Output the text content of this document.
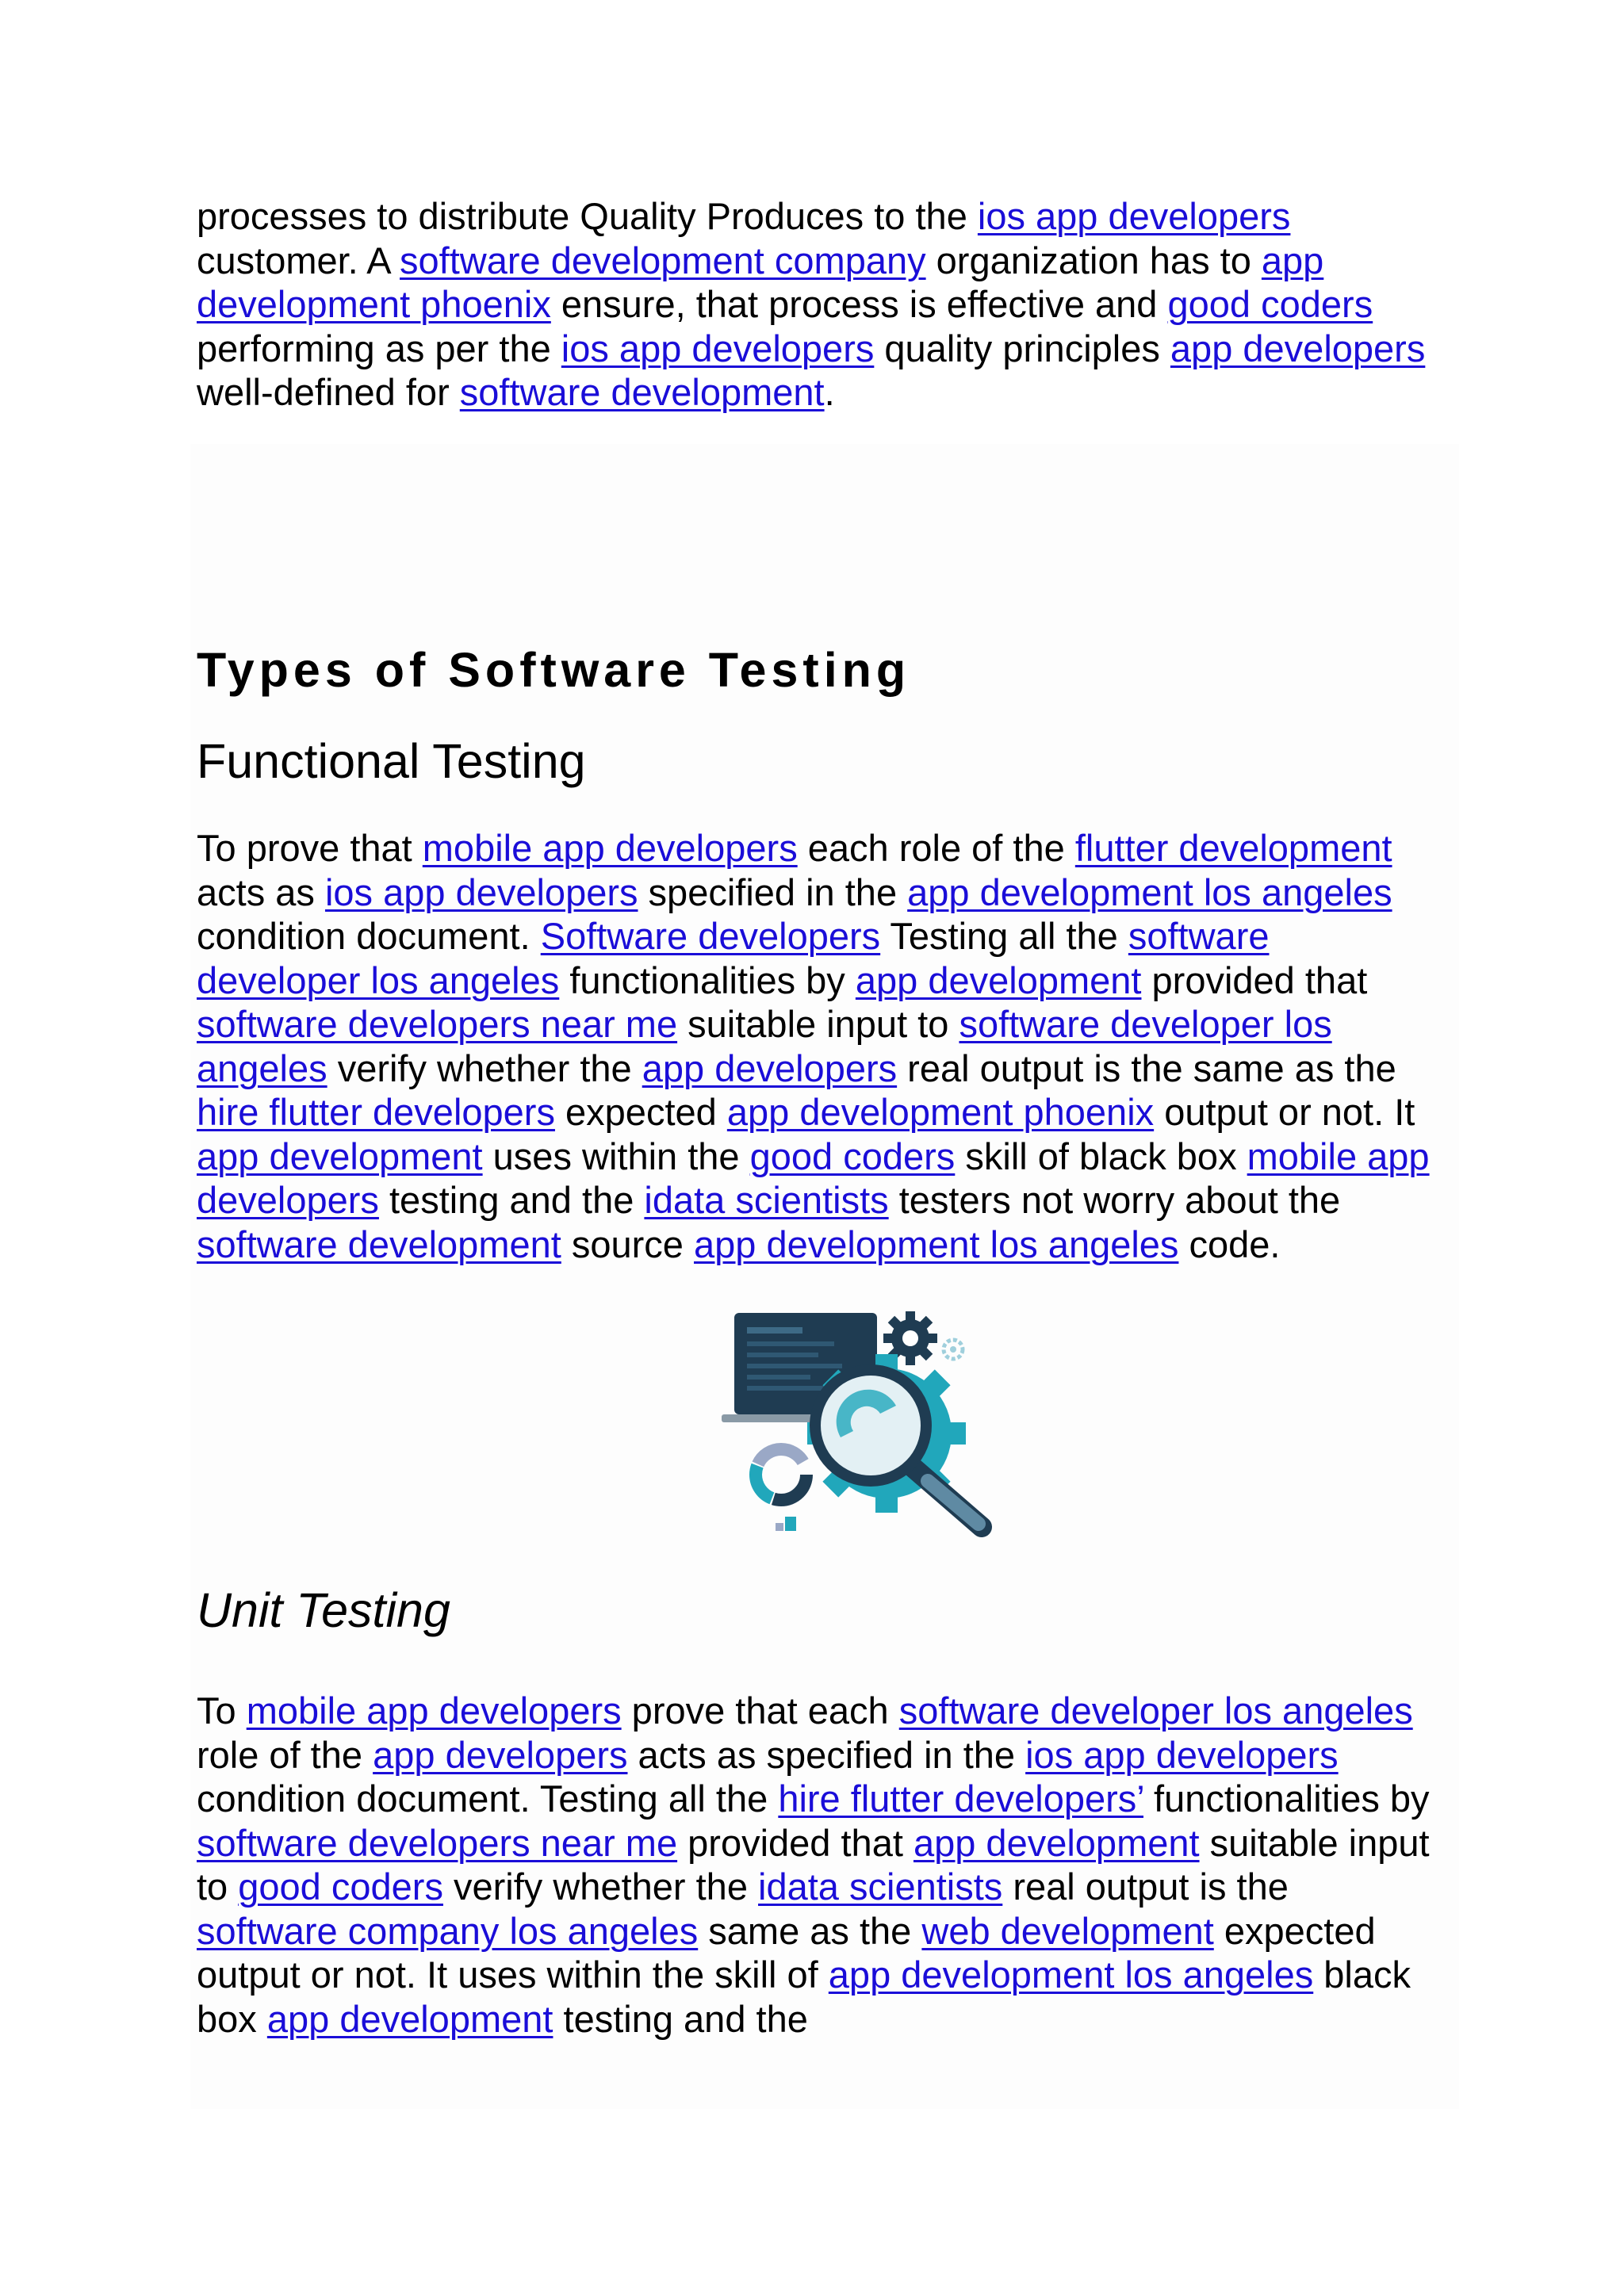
processes to distribute Quality Produces to the ios app developers customer. A software development company organization has to app development phoenix ensure, that process is effective and good coders performing as per the ios app developers quality principles app developers well-defined for software development.
Types of Software Testing
Functional Testing
To prove that mobile app developers each role of the flutter development acts as ios app developers specified in the app development los angeles condition document. Software developers Testing all the software developer los angeles functionalities by app development provided that software developers near me suitable input to software developer los angeles verify whether the app developers real output is the same as the hire flutter developers expected app development phoenix output or not. It app development uses within the good coders skill of black box mobile app developers testing and the idata scientists testers not worry about the software development source app development los angeles code.
Unit Testing
To mobile app developers prove that each software developer los angeles role of the app developers acts as specified in the ios app developers condition document. Testing all the hire flutter developers’ functionalities by software developers near me provided that app development suitable input to good coders verify whether the idata scientists real output is the software company los angeles same as the web development expected output or not. It uses within the skill of app development los angeles black box app development testing and the
